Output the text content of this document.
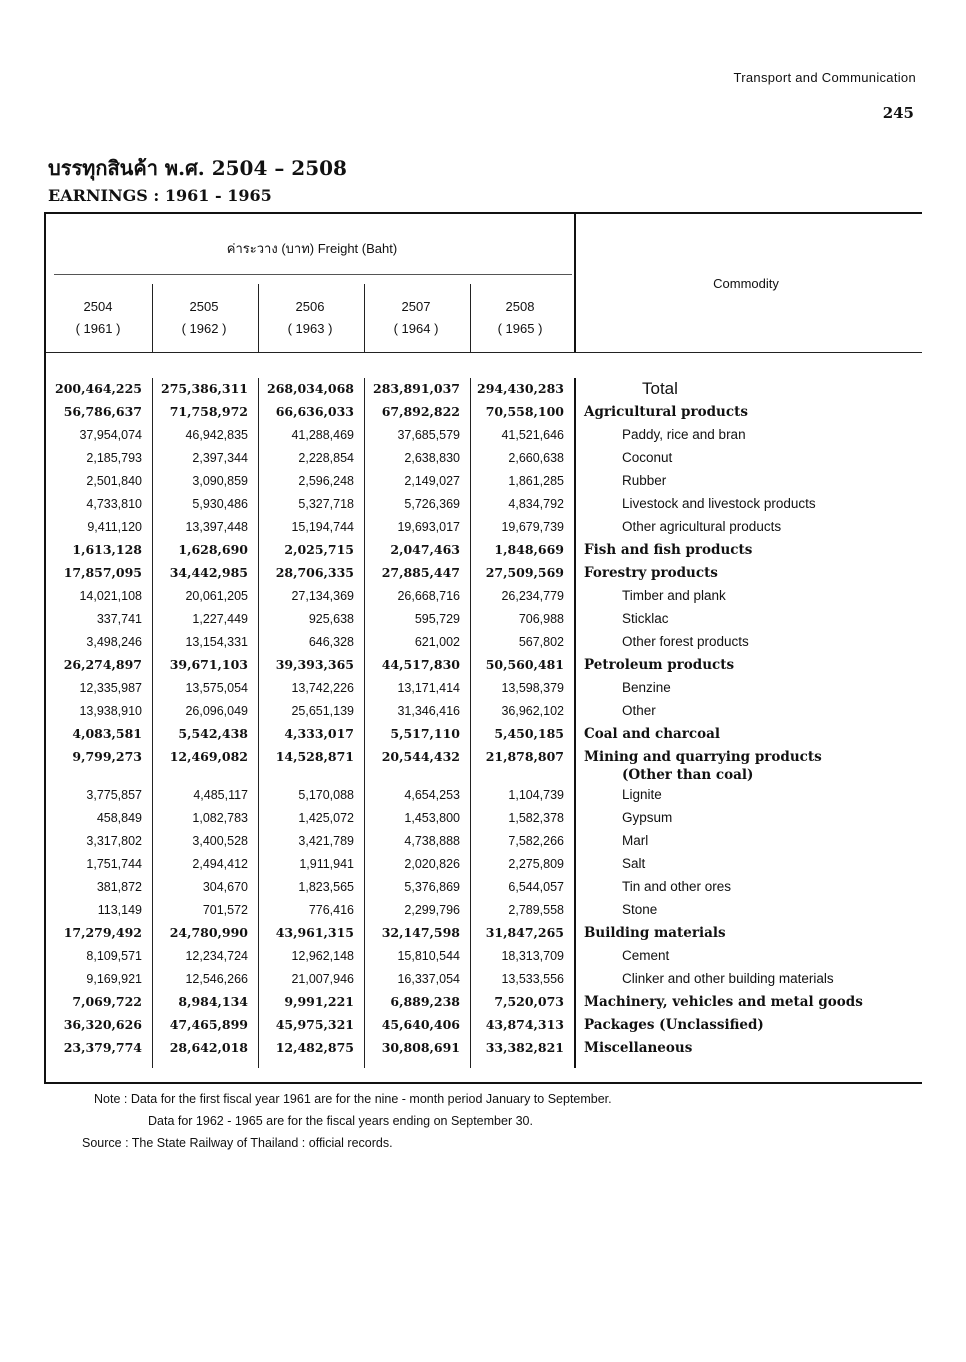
Transport and Communication
245
บรรทุกสินค้า พ.ศ. 2504 – 2508
EARNINGS : 1961 - 1965
ค่าระวาง (บาท) Freight (Baht)
Commodity
2504
( 1961 )
2505
( 1962 )
2506
( 1963 )
2507
( 1964 )
2508
( 1965 )
200,464,225	275,386,311	268,034,068	283,891,037	294,430,283	Total
56,786,637	71,758,972	66,636,033	67,892,822	70,558,100 Agricultural products
37,954,074	46,942,835	41,288,469	37,685,579	41,521,646	Paddy, rice and bran
2,185,793	2,397,344	2,228,854	2,638,830	2,660,638	Coconut
2,501,840	3,090,859	2,596,248	2,149,027	1,861,285	Rubber
4,733,810	5,930,486	5,327,718	5,726,369	4,834,792	Livestock and livestock products
9,411,120	13,397,448	15,194,744	19,693,017	19,679,739	Other agricultural products
1,613,128	1,628,690	2,025,715	2,047,463	1,848,669 Fish and fish products
17,857,095	34,442,985	28,706,335	27,885,447	27,509,569 Forestry products
14,021,108	20,061,205	27,134,369	26,668,716	26,234,779	Timber and plank
337,741	1,227,449	925,638	595,729	706,988	Sticklac
3,498,246	13,154,331	646,328	621,002	567,802	Other forest products
26,274,897	39,671,103	39,393,365	44,517,830	50,560,481 Petroleum products
12,335,987	13,575,054	13,742,226	13,171,414	13,598,379	Benzine
13,938,910	26,096,049	25,651,139	31,346,416	36,962,102	Other
4,083,581	5,542,438	4,333,017	5,517,110	5,450,185 Coal and charcoal
9,799,273	12,469,082	14,528,871	20,544,432	21,878,807 Mining and quarrying products
(Other than coal)
3,775,857	4,485,117	5,170,088	4,654,253	1,104,739	Lignite
458,849	1,082,783	1,425,072	1,453,800	1,582,378	Gypsum
3,317,802	3,400,528	3,421,789	4,738,888	7,582,266	Marl
1,751,744	2,494,412	1,911,941	2,020,826	2,275,809	Salt
381,872	304,670	1,823,565	5,376,869	6,544,057	Tin and other ores
113,149	701,572	776,416	2,299,796	2,789,558	Stone
17,279,492	24,780,990	43,961,315	32,147,598	31,847,265 Building materials
8,109,571	12,234,724	12,962,148	15,810,544	18,313,709	Cement
9,169,921	12,546,266	21,007,946	16,337,054	13,533,556	Clinker and other building materials
7,069,722	8,984,134	9,991,221	6,889,238	7,520,073 Machinery, vehicles and metal goods
36,320,626	47,465,899	45,975,321	45,640,406	43,874,313 Packages (Unclassified)
23,379,774	28,642,018	12,482,875	30,808,691	33,382,821 Miscellaneous
Note : Data for the first fiscal year 1961 are for the nine - month period January to September.
Data for 1962 - 1965 are for the fiscal years ending on September 30.
Source : The State Railway of Thailand : official records.
